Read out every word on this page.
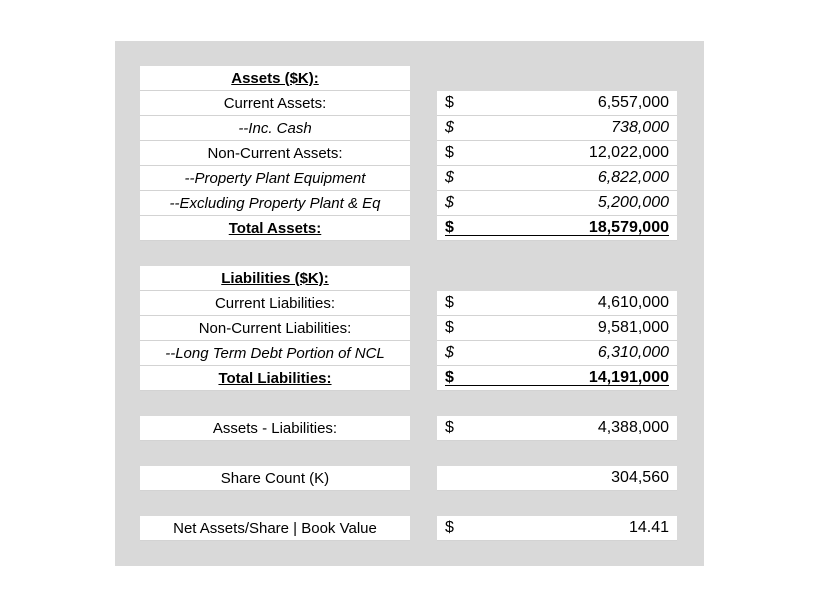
Assets ($K):
Current Assets:	$	6,557,000
--Inc. Cash	$	738,000
Non-Current Assets:	$	12,022,000
--Property Plant Equipment	$	6,822,000
--Excluding Property Plant & Eq	$	5,200,000
Total Assets:	$	18,579,000
Liabilities ($K):
Current Liabilities:	$	4,610,000
Non-Current Liabilities:	$	9,581,000
--Long Term Debt Portion of NCL	$	6,310,000
Total Liabilities:	$	14,191,000
Assets - Liabilities:	$	4,388,000
Share Count (K)	304,560
Net Assets/Share | Book Value	$	14.41
